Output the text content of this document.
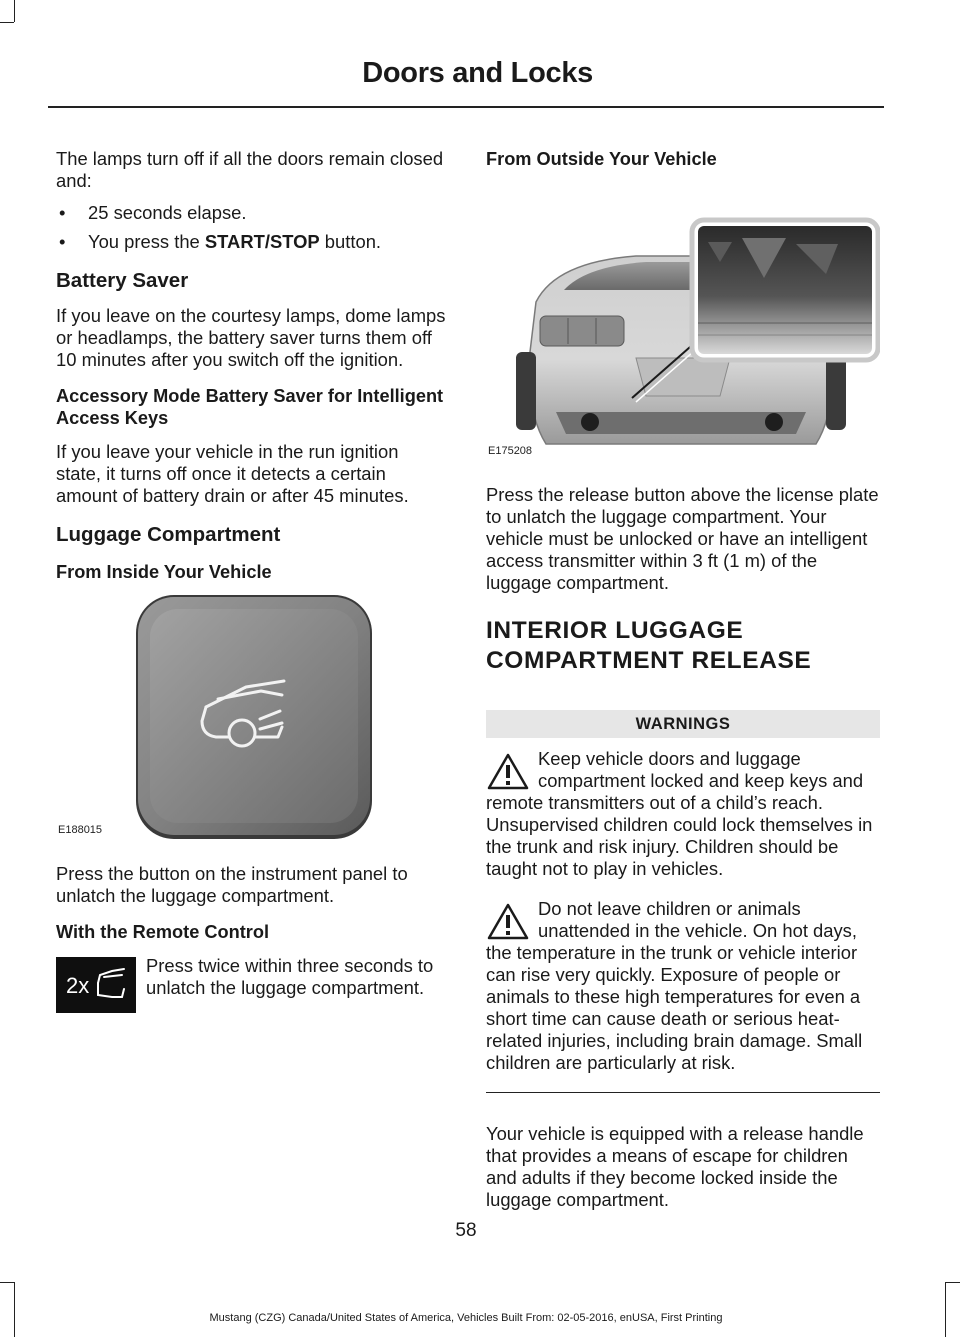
Doors and Locks

The lamps turn off if all the doors remain closed and:

• 25 seconds elapse.
• You press the START/STOP button.
Battery Saver

If you leave on the courtesy lamps, dome lamps or headlamps, the battery saver turns them off 10 minutes after you switch off the ignition.

Accessory Mode Battery Saver for Intelligent Access Keys

If you leave your vehicle in the run ignition state, it turns off once it detects a certain amount of battery drain or after 45 minutes.

Luggage Compartment
From Inside Your Vehicle
E188015

Press the button on the instrument panel to unlatch the luggage compartment.

With the Remote Control
2x
Press twice within three seconds to unlatch the luggage compartment.
From Outside Your Vehicle
E175208

Press the release button above the license plate to unlatch the luggage compartment. Your vehicle must be unlocked or have an intelligent access transmitter within 3 ft (1 m) of the luggage compartment.

INTERIOR LUGGAGE
COMPARTMENT RELEASE
WARNINGS
Keep vehicle doors and luggage compartment locked and keep keys and remote transmitters out of a child’s reach. Unsupervised children could lock themselves in the trunk and risk injury. Children should be taught not to play in vehicles.
Do not leave children or animals unattended in the vehicle. On hot days, the temperature in the trunk or vehicle interior can rise very quickly. Exposure of people or animals to these high temperatures for even a short time can cause death or serious heat-related injuries, including brain damage. Small children are particularly at risk.

Your vehicle is equipped with a release handle that provides a means of escape for children and adults if they become locked inside the luggage compartment.

58
Mustang (CZG) Canada/United States of America, Vehicles Built From: 02-05-2016, enUSA, First Printing
